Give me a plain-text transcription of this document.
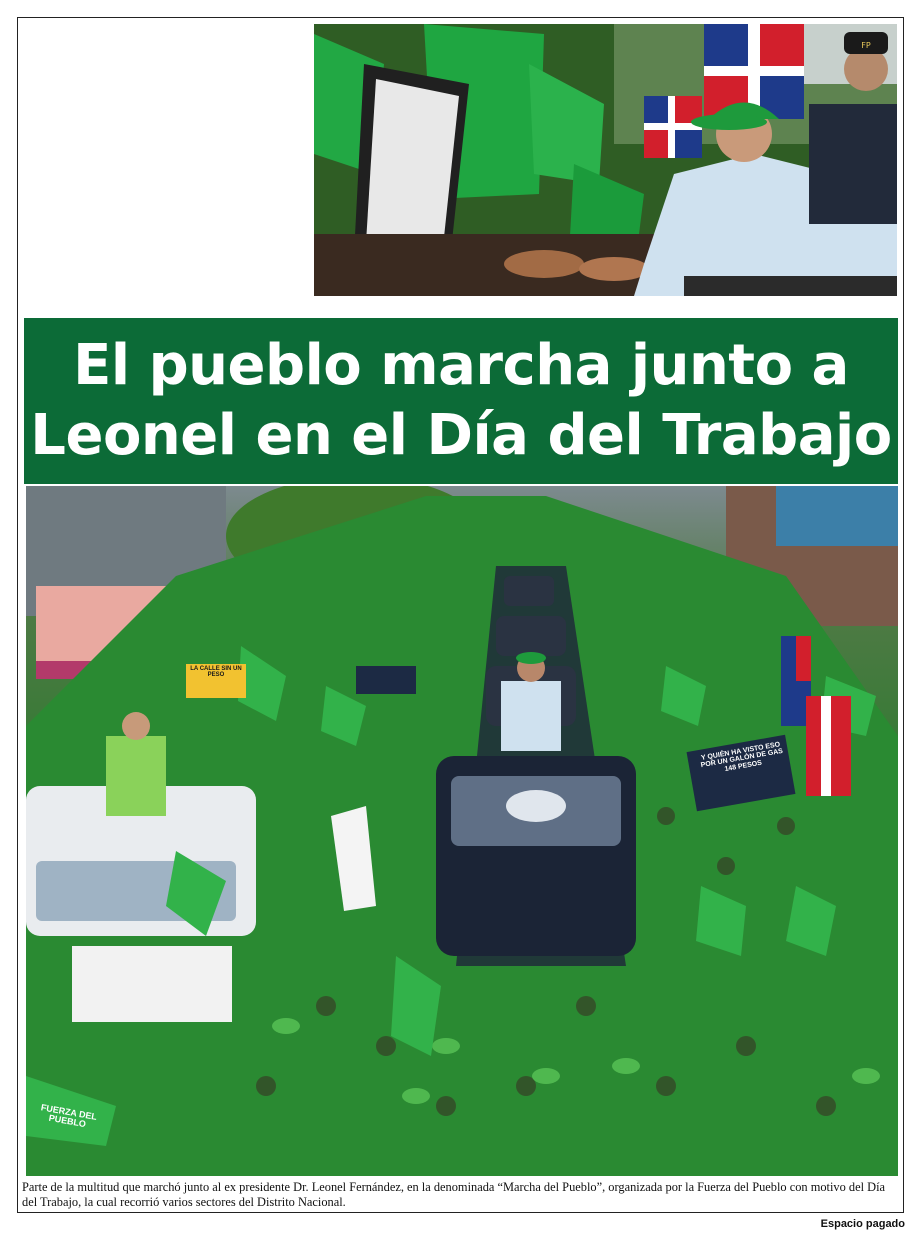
FP
El pueblo marcha junto a
Leonel en el Día del Trabajo
LA CALLE SIN UN PESO
Y QUIÉN HA VISTO ESO POR UN GALÓN DE GAS 148 PESOS
FUERZA DEL PUEBLO

Parte de la multitud que marchó junto al ex presidente Dr. Leonel Fernández, en la denominada “Marcha del Pueblo”, organizada por la Fuerza del Pueblo con motivo del Día del Trabajo, la cual recorrió varios sectores del Distrito Nacional.

Espacio pagado
